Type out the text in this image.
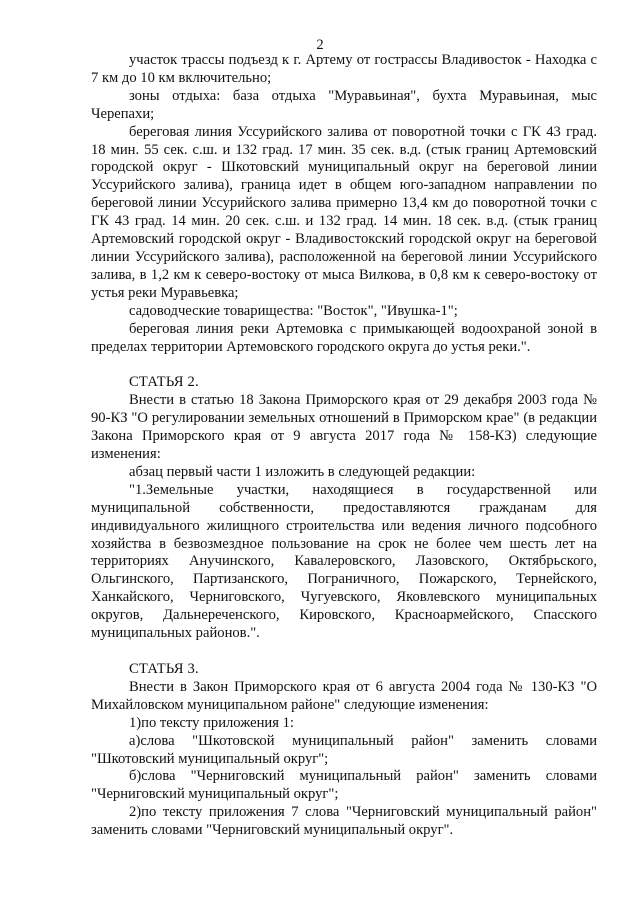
2

участок трассы подъезд к г. Артему от гострассы Владивосток - Находка с 7 км до 10 км включительно;

зоны отдыха: база отдыха "Муравьиная", бухта Муравьиная, мыс Черепахи;

береговая линия Уссурийского залива от поворотной точки с ГК 43 град. 18 мин. 55 сек. с.ш. и 132 град. 17 мин. 35 сек. в.д. (стык границ Артемовский городской округ - Шкотовский муниципальный округ на береговой линии Уссурийского залива), граница идет в общем юго-западном направлении по береговой линии Уссурийского залива примерно 13,4 км до поворотной точки с ГК 43 град. 14 мин. 20 сек. с.ш. и 132 град. 14 мин. 18 сек. в.д. (стык границ Артемовский городской округ - Владивостокский городской округ на береговой линии Уссурийского залива), расположенной на береговой линии Уссурийского залива, в 1,2 км к северо-востоку от мыса Вилкова, в 0,8 км к северо-востоку от устья реки Муравьевка;

садоводческие товарищества: "Восток", "Ивушка-1";

береговая линия реки Артемовка с примыкающей водоохраной зоной в пределах территории Артемовского городского округа до устья реки.".

СТАТЬЯ 2.

Внести в статью 18 Закона Приморского края от 29 декабря 2003 года № 90-КЗ "О регулировании земельных отношений в Приморском крае" (в редакции Закона Приморского края от 9 августа 2017 года № 158-КЗ) следующие изменения:

абзац первый части 1 изложить в следующей редакции:

"1.Земельные участки, находящиеся в государственной или муниципальной собственности, предоставляются гражданам для индивидуального жилищного строительства или ведения личного подсобного хозяйства в безвозмездное пользование на срок не более чем шесть лет на территориях Анучинского, Кавалеровского, Лазовского, Октябрьского, Ольгинского, Партизанского, Пограничного, Пожарского, Тернейского, Ханкайского, Черниговского, Чугуевского, Яковлевского муниципальных округов, Дальнереченского, Кировского, Красноармейского, Спасского муниципальных районов.".

СТАТЬЯ 3.

Внести в Закон Приморского края от 6 августа 2004 года № 130-КЗ "О Михайловском муниципальном районе" следующие изменения:

1)по тексту приложения 1:

а)слова "Шкотовской муниципальный район" заменить словами "Шкотовский муниципальный округ";

б)слова "Черниговский муниципальный район" заменить словами "Черниговский муниципальный округ";

2)по тексту приложения 7 слова "Черниговский муниципальный район" заменить словами "Черниговский муниципальный округ".
